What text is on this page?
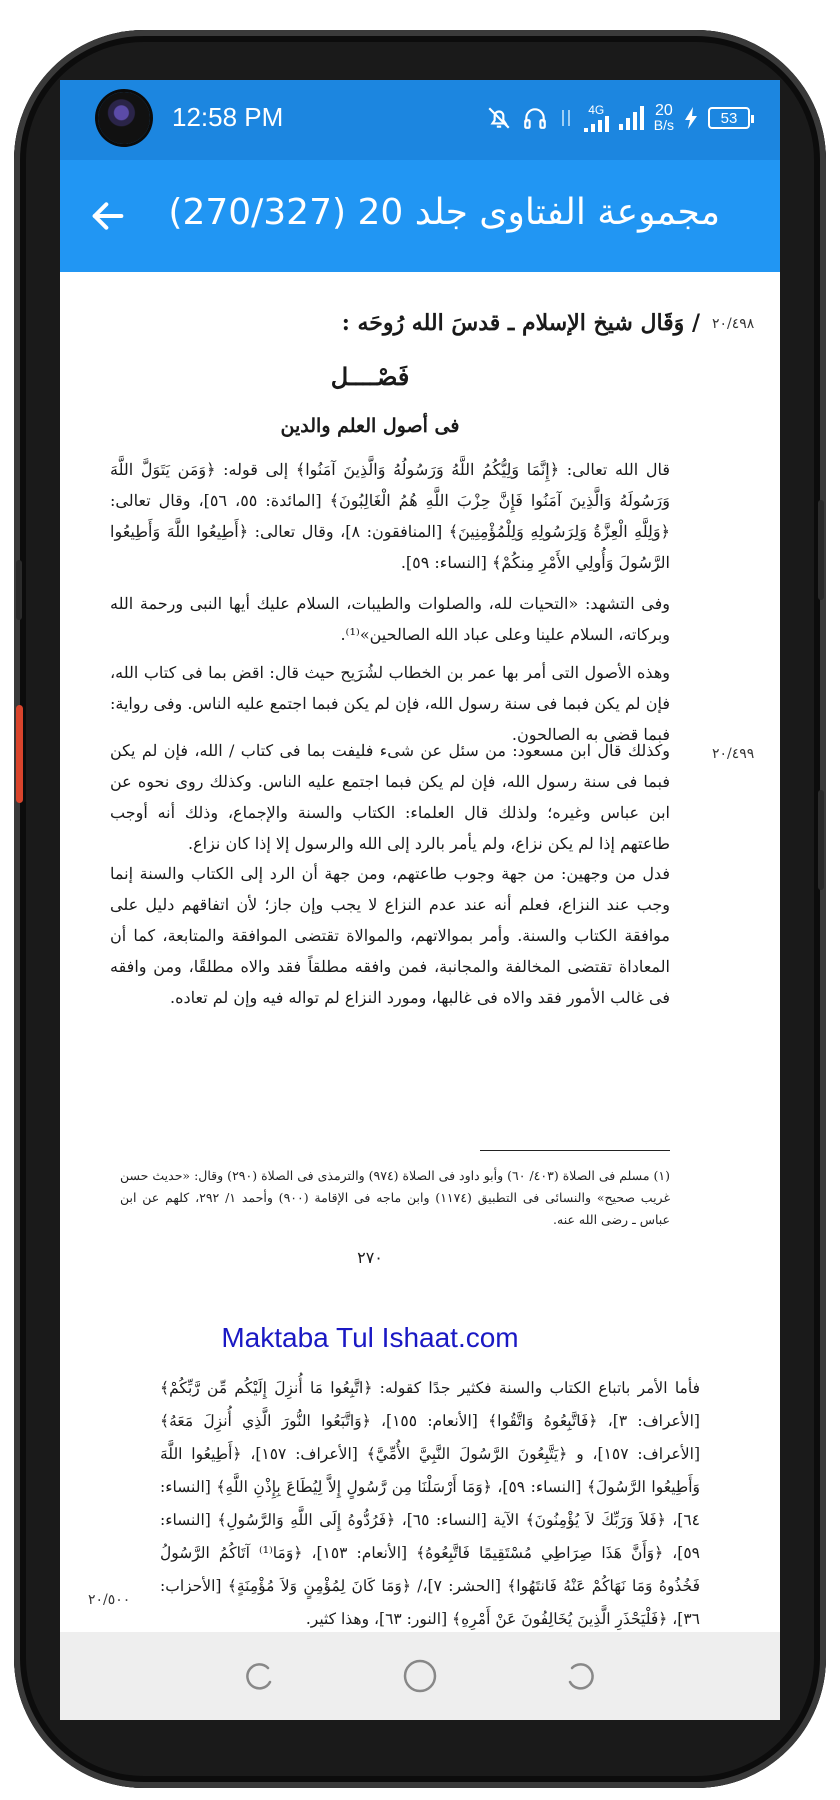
12:58 PM	4G	20
B/s	53
مجموعة الفتاوى جلد 20 (270/327)
٢٠/٤٩٨
/ وَقَال شيخ الإسلام ـ قدسَ الله رُوحَه :
فَصْــــل
فى أصول العلم والدين
قال الله تعالى: ﴿إِنَّمَا وَلِيُّكُمُ اللَّهُ وَرَسُولُهُ وَالَّذِينَ آمَنُوا﴾ إلى قوله: ﴿وَمَن يَتَوَلَّ اللَّهَ وَرَسُولَهُ وَالَّذِينَ آمَنُوا فَإِنَّ حِزْبَ اللَّهِ هُمُ الْغَالِبُونَ﴾ [المائدة: ٥٥، ٥٦]، وقال تعالى: ﴿وَلِلَّهِ الْعِزَّةُ وَلِرَسُولِهِ وَلِلْمُؤْمِنِينَ﴾ [المنافقون: ٨]، وقال تعالى: ﴿أَطِيعُوا اللَّهَ وَأَطِيعُوا الرَّسُولَ وَأُولِي الأَمْرِ مِنكُمْ﴾ [النساء: ٥٩].
وفى التشهد: «التحيات لله، والصلوات والطيبات، السلام عليك أيها النبى ورحمة الله وبركاته، السلام علينا وعلى عباد الله الصالحين»⁽¹⁾.
وهذه الأصول التى أمر بها عمر بن الخطاب لشُرَيح حيث قال: اقض بما فى كتاب الله، فإن لم يكن فبما فى سنة رسول الله، فإن لم يكن فبما اجتمع عليه الناس. وفى رواية: فبما قضى به الصالحون.
٢٠/٤٩٩
وكذلك قال ابن مسعود: من سئل عن شىء فليفت بما فى كتاب / الله، فإن لم يكن فبما فى سنة رسول الله، فإن لم يكن فبما اجتمع عليه الناس. وكذلك روى نحوه عن ابن عباس وغيره؛ ولذلك قال العلماء: الكتاب والسنة والإجماع، وذلك أنه أوجب طاعتهم إذا لم يكن نزاع، ولم يأمر بالرد إلى الله والرسول إلا إذا كان نزاع.
فدل من وجهين: من جهة وجوب طاعتهم، ومن جهة أن الرد إلى الكتاب والسنة إنما وجب عند النزاع، فعلم أنه عند عدم النزاع لا يجب وإن جاز؛ لأن اتفاقهم دليل على موافقة الكتاب والسنة. وأمر بموالاتهم، والموالاة تقتضى الموافقة والمتابعة، كما أن المعاداة تقتضى المخالفة والمجانبة، فمن وافقه مطلقاً فقد والاه مطلقًا، ومن وافقه فى غالب الأمور فقد والاه فى غالبها، ومورد النزاع لم تواله فيه وإن لم تعاده.
(١) مسلم فى الصلاة (٤٠٣/ ٦٠) وأبو داود فى الصلاة (٩٧٤) والترمذى فى الصلاة (٢٩٠) وقال: «حديث حسن غريب صحيح» والنسائى فى التطبيق (١١٧٤) وابن ماجه فى الإقامة (٩٠٠) وأحمد ١/ ٢٩٢، كلهم عن ابن عباس ـ رضى الله عنه.
٢٧٠
Maktaba Tul Ishaat.com
٢٠/٥٠٠
فأما الأمر باتباع الكتاب والسنة فكثير جدًا كقوله: ﴿اتَّبِعُوا مَا أُنزِلَ إِلَيْكُم مِّن رَّبِّكُمْ﴾ [الأعراف: ٣]، ﴿فَاتَّبِعُوهُ وَاتَّقُوا﴾ [الأنعام: ١٥٥]، ﴿وَاتَّبَعُوا النُّورَ الَّذِي أُنزِلَ مَعَهُ﴾ [الأعراف: ١٥٧]، و ﴿يَتَّبِعُونَ الرَّسُولَ النَّبِيَّ الأُمِّيَّ﴾ [الأعراف: ١٥٧]، ﴿أَطِيعُوا اللَّهَ وَأَطِيعُوا الرَّسُولَ﴾ [النساء: ٥٩]، ﴿وَمَا أَرْسَلْنَا مِن رَّسُولٍ إِلاَّ لِيُطَاعَ بِإِذْنِ اللَّهِ﴾ [النساء: ٦٤]، ﴿فَلاَ وَرَبِّكَ لاَ يُؤْمِنُونَ﴾ الآية [النساء: ٦٥]، ﴿فَرُدُّوهُ إِلَى اللَّهِ وَالرَّسُولِ﴾ [النساء: ٥٩]، ﴿وَأَنَّ هَذَا صِرَاطِي مُسْتَقِيمًا فَاتَّبِعُوهُ﴾ [الأنعام: ١٥٣]، ﴿وَمَا⁽¹⁾ آتَاكُمُ الرَّسُولُ فَخُذُوهُ وَمَا نَهَاكُمْ عَنْهُ فَانتَهُوا﴾ [الحشر: ٧]،/ ﴿وَمَا كَانَ لِمُؤْمِنٍ وَلاَ مُؤْمِنَةٍ﴾ [الأحزاب: ٣٦]، ﴿فَلْيَحْذَرِ الَّذِينَ يُخَالِفُونَ عَنْ أَمْرِهِ﴾ [النور: ٦٣]، وهذا كثير.
